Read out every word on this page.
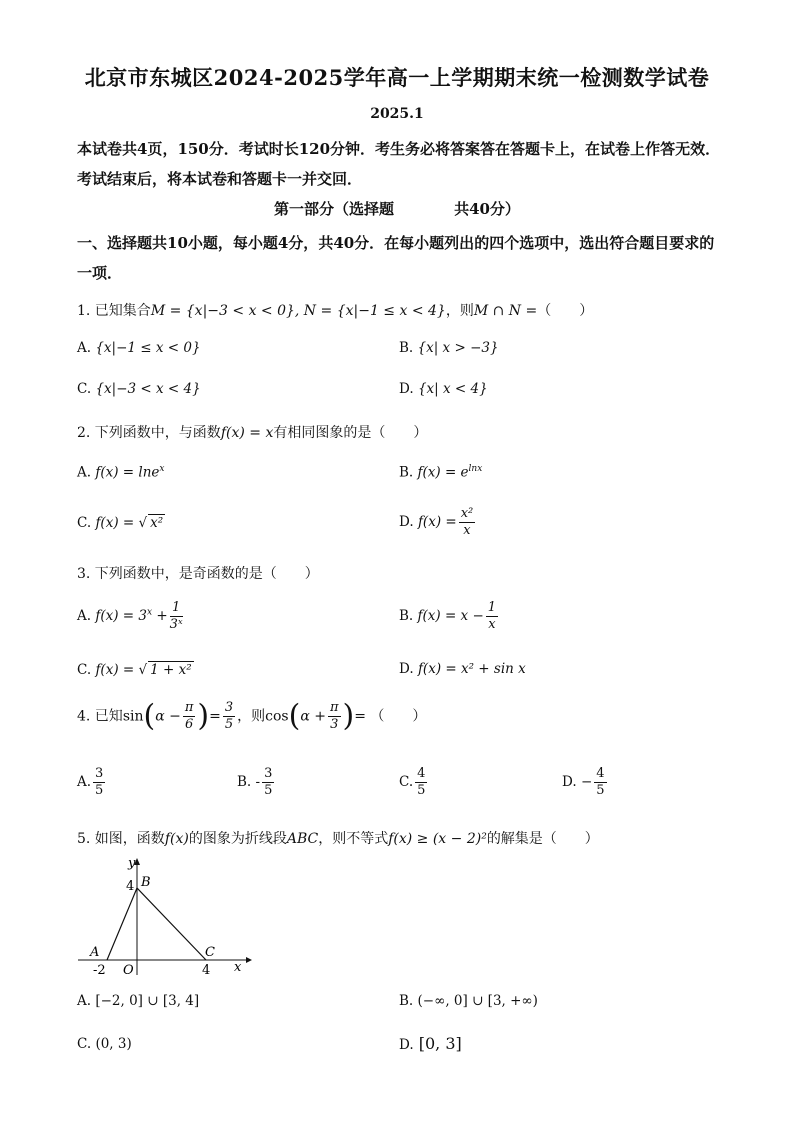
北京市东城区2024-2025学年高一上学期期末统一检测数学试卷
2025.1
本试卷共4页，150分．考试时长120分钟．考生务必将答案答在答题卡上，在试卷上作答无效．考试结束后，将本试卷和答题卡一并交回．
第一部分（选择题	共40分）
一、选择题共10小题，每小题4分，共40分．在每小题列出的四个选项中，选出符合题目要求的一项．
1. 已知集合M = {x|−3 < x < 0}, N = {x|−1 ≤ x < 4}，则M ∩ N =（　　）
A. {x|−1 ≤ x < 0}	B. {x| x > −3}
C. {x|−3 < x < 4}	D. {x| x < 4}
2. 下列函数中，与函数f(x) = x有相同图象的是（　　）
A. f(x) = lne$^x$	B. $f(x) = e^{lnx}$
C. f(x) = √ x²	D. $f(x) = \frac{\text{x²}}{x}$
3. 下列函数中，是奇函数的是（　　）
A. $f(x) = 3^x + \frac{1}{\text{3ˣ}}$	B. $f(x) = x - \frac{1}{x}$
C. f(x) = √ 1 + x²	D. f(x) = x² + sin x
4. 已知$\sin(\alpha - \frac{\pi}{6}$ )= $\frac{3}{5}$ ，则$\cos(\alpha + \frac{\pi}{3}$ )= （　　）
A. $\frac{3}{5}$	B. - $\frac{3}{5}$	C. $\frac{4}{5}$	D. − $\frac{4}{5}$
5. 如图，函数f(x)的图象为折线段ABC，则不等式f(x) ≥ (x − 2)²的解集是（　　）
y
x
B
4
A	C
-2 O	4
A. [−2, 0] ∪ [3, 4]	B. (−∞, 0] ∪ [3, +∞)
C. (0, 3)	D. [0, 3]
